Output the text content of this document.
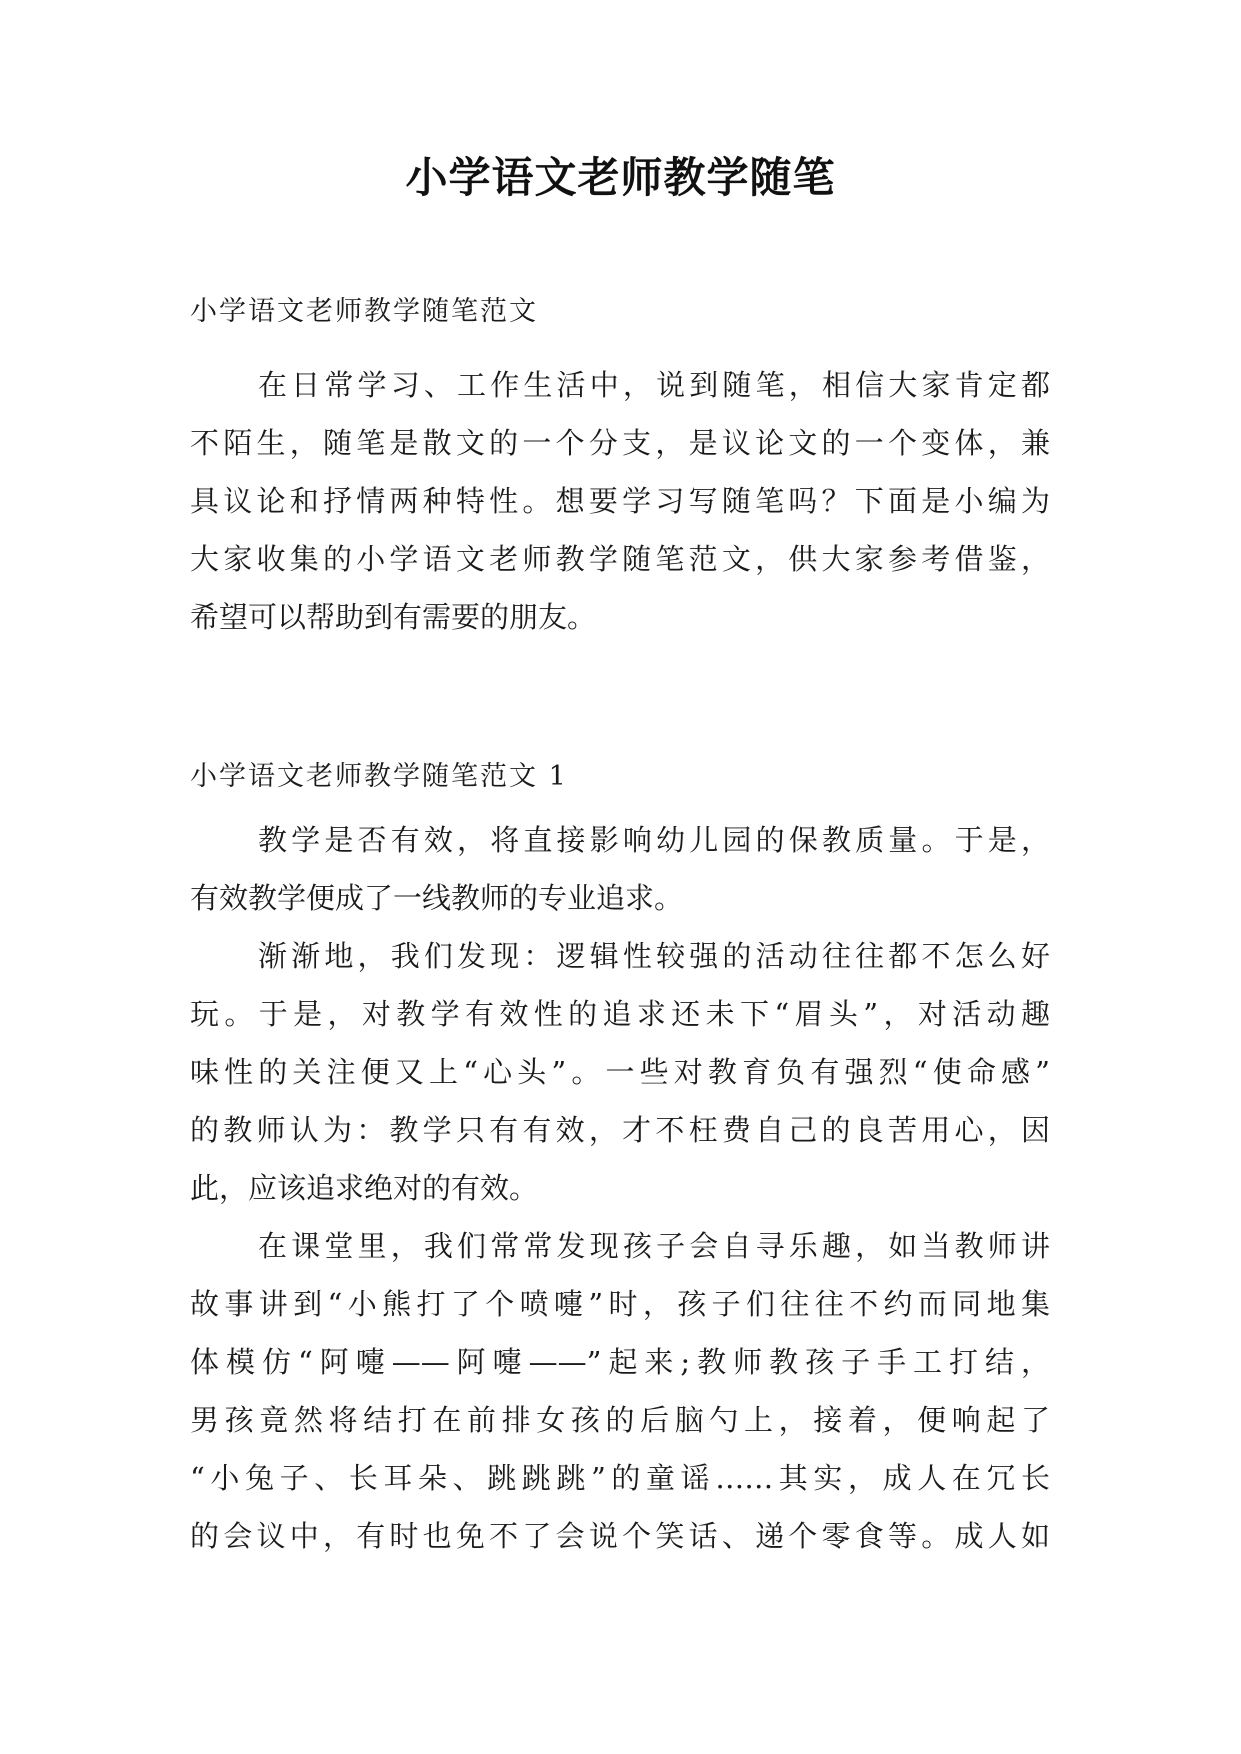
小学语文老师教学随笔
小学语文老师教学随笔范文
在日常学习、工作生活中，说到随笔，相信大家肯定都
不陌生，随笔是散文的一个分支，是议论文的一个变体，兼
具议论和抒情两种特性。想要学习写随笔吗？下面是小编为
大家收集的小学语文老师教学随笔范文，供大家参考借鉴，
希望可以帮助到有需要的朋友。
小学语文老师教学随笔范文 1
教学是否有效，将直接影响幼儿园的保教质量。于是，
有效教学便成了一线教师的专业追求。
渐渐地，我们发现：逻辑性较强的活动往往都不怎么好
玩。于是，对教学有效性的追求还未下“眉头”，对活动趣
味性的关注便又上“心头”。一些对教育负有强烈“使命感”
的教师认为：教学只有有效，才不枉费自己的良苦用心，因
此，应该追求绝对的有效。
在课堂里，我们常常发现孩子会自寻乐趣，如当教师讲
故事讲到“小熊打了个喷嚏”时，孩子们往往不约而同地集
体模仿“阿嚏——阿嚏——”起来;教师教孩子手工打结，
男孩竟然将结打在前排女孩的后脑勺上，接着，便响起了
“小兔子、长耳朵、跳跳跳”的童谣……其实，成人在冗长
的会议中，有时也免不了会说个笑话、递个零食等。成人如
